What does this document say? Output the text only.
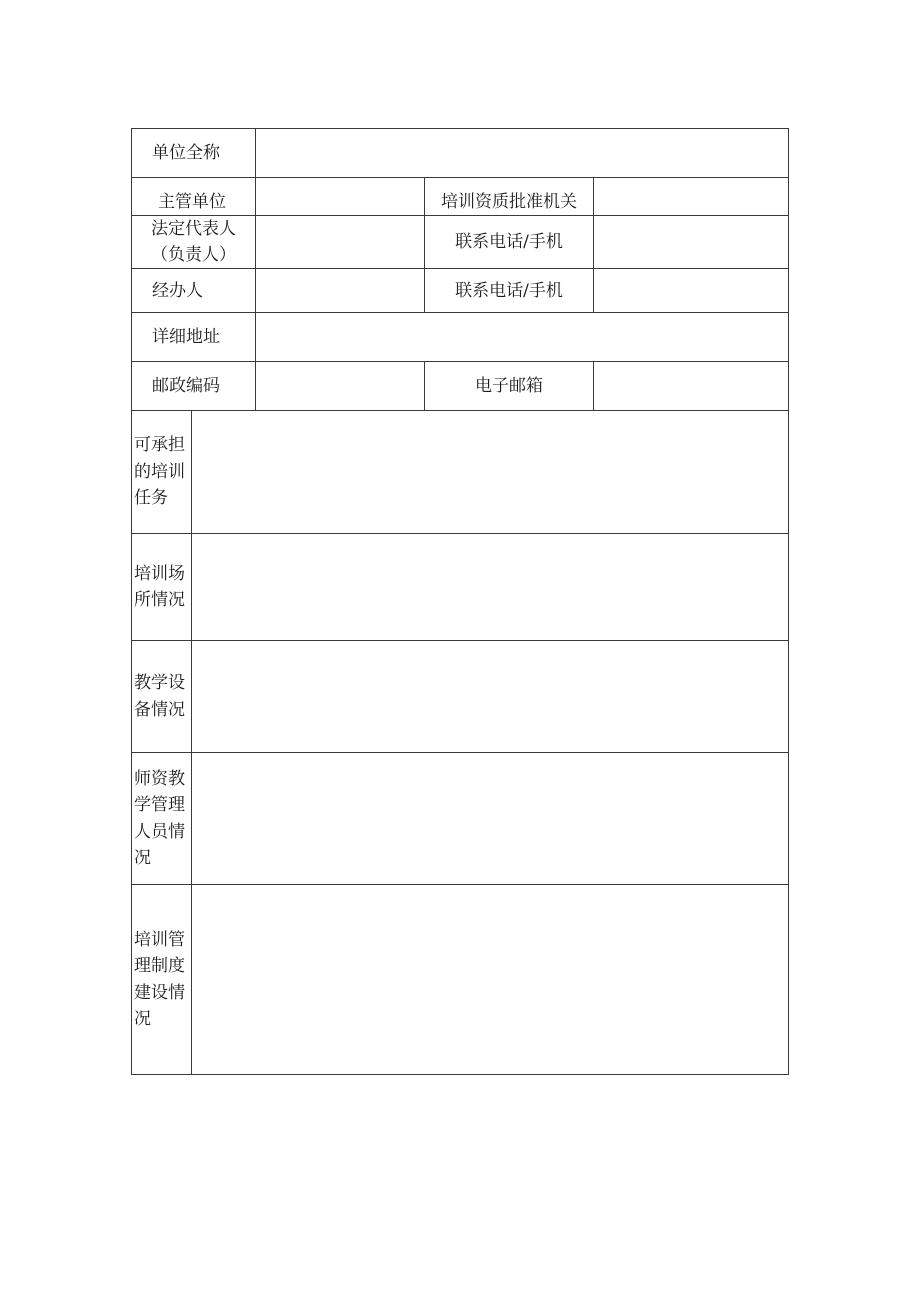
单位全称			
主管单位		培训资质批准机关	
法定代表人（负责人）		联系电话/手机	
经办人		联系电话/手机	
详细地址			
邮政编码		电子邮箱	
可承担的培训任务	

培训场所情况	

教学设备情况	

师资教学管理人员情况	

培训管理制度建设情况	
